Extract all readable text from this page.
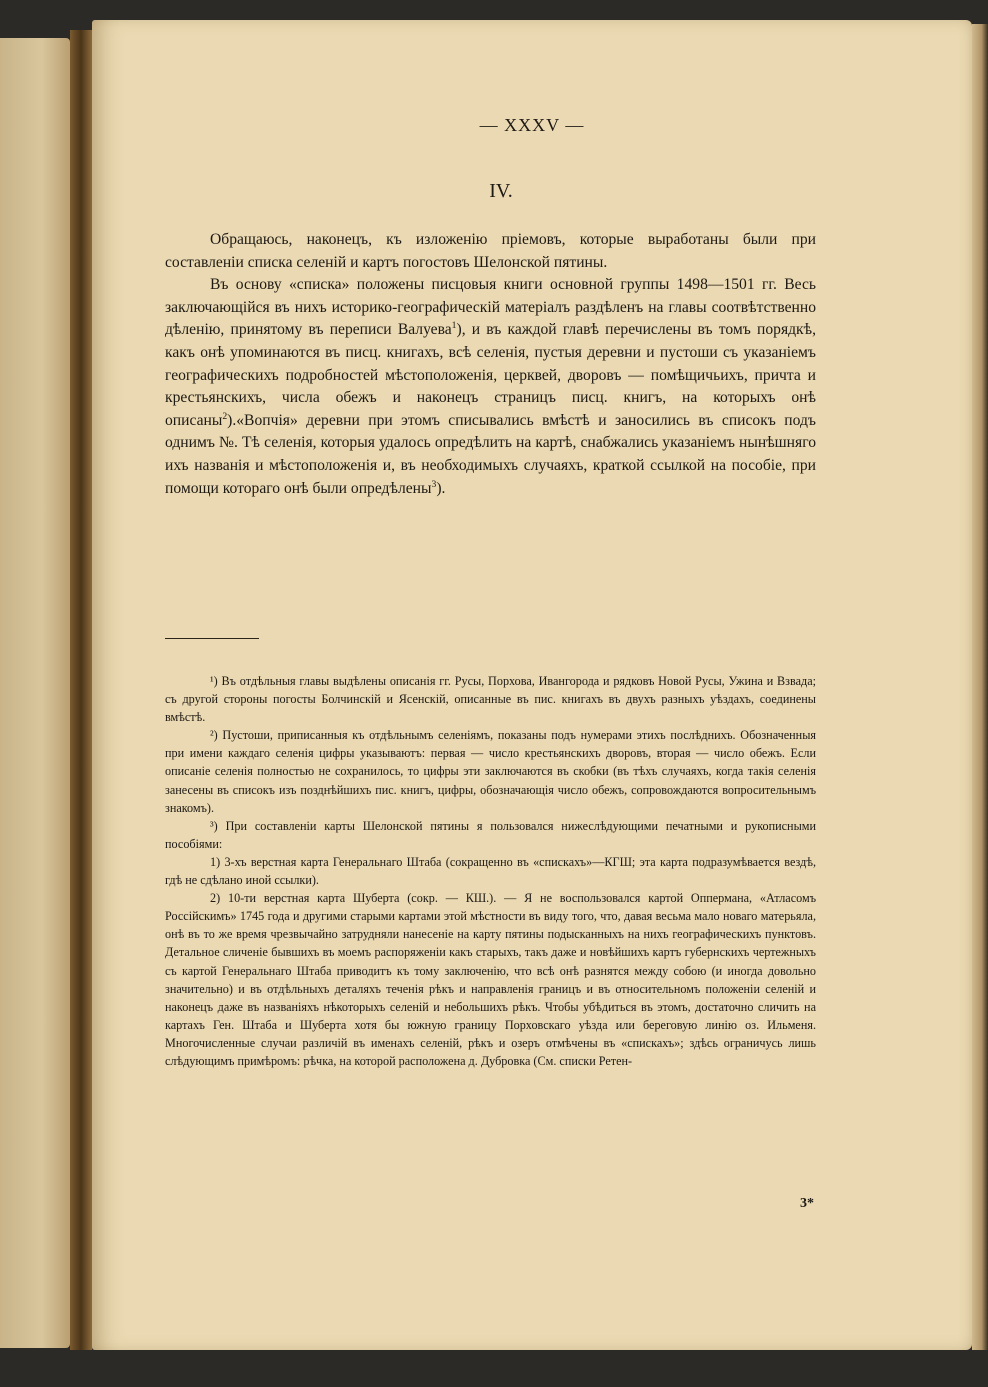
— XXXV —
IV.

Обращаюсь, наконецъ, къ изложенію пріемовъ, которые выработаны были при составленіи списка селеній и картъ погостовъ Шелонской пятины.

Въ основу «списка» положены писцовыя книги основной группы 1498—1501 гг. Весь заключающійся въ нихъ историко-географическій матеріалъ раздѣленъ на главы соотвѣтственно дѣленію, принятому въ переписи Валуева$^1$), и въ каждой главѣ перечислены въ томъ порядкѣ, какъ онѣ упоминаются въ писц. книгахъ, всѣ селенія, пустыя деревни и пустоши съ указаніемъ географическихъ подробностей мѣстоположенія, церквей, дворовъ — помѣщичьихъ, причта и крестьянскихъ, числа обежъ и наконецъ страницъ писц. книгъ, на которыхъ онѣ описаны$^2$).«Вопчія» деревни при этомъ списывались вмѣстѣ и заносились въ списокъ подъ однимъ №. Тѣ селенія, которыя удалось опредѣлить на картѣ, снабжались указаніемъ нынѣшняго ихъ названія и мѣстоположенія и, въ необходимыхъ случаяхъ, краткой ссылкой на пособіе, при помощи котораго онѣ были опредѣлены$^3$).

¹) Въ отдѣльныя главы выдѣлены описанія гг. Русы, Порхова, Ивангорода и рядковъ Новой Русы, Ужина и Взвада; съ другой стороны погосты Болчинскій и Ясенскій, описанные въ пис. книгахъ въ двухъ разныхъ уѣздахъ, соединены вмѣстѣ.

²) Пустоши, приписанныя къ отдѣльнымъ селеніямъ, показаны подъ нумерами этихъ послѣднихъ. Обозначенныя при имени каждаго селенія цифры указываютъ: первая — число крестьянскихъ дворовъ, вторая — число обежъ. Если описаніе селенія полностью не сохранилось, то цифры эти заключаются въ скобки (въ тѣхъ случаяхъ, когда такія селенія занесены въ списокъ изъ позднѣйшихъ пис. книгъ, цифры, обозначающія число обежъ, сопровождаются вопросительнымъ знакомъ).

³) При составленіи карты Шелонской пятины я пользовался нижеслѣдующими печатными и рукописными пособіями:

1) 3-хъ верстная карта Генеральнаго Штаба (сокращенно въ «спискахъ»—КГШ; эта карта подразумѣвается вездѣ, гдѣ не сдѣлано иной ссылки).

2) 10-ти верстная карта Шуберта (сокр. — КШ.). — Я не воспользовался картой Оппермана, «Атласомъ Россійскимъ» 1745 года и другими старыми картами этой мѣстности въ виду того, что, давая весьма мало новаго матерьяла, онѣ въ то же время чрезвычайно затрудняли нанесеніе на карту пятины подысканныхъ на нихъ географическихъ пунктовъ. Детальное сличеніе бывшихъ въ моемъ распоряженіи какъ старыхъ, такъ даже и новѣйшихъ картъ губернскихъ чертежныхъ съ картой Генеральнаго Штаба приводитъ къ тому заключенію, что всѣ онѣ разнятся между собою (и иногда довольно значительно) и въ отдѣльныхъ деталяхъ теченія рѣкъ и направленія границъ и въ относительномъ положеніи селеній и наконецъ даже въ названіяхъ нѣкоторыхъ селеній и небольшихъ рѣкъ. Чтобы убѣдиться въ этомъ, достаточно сличить на картахъ Ген. Штаба и Шуберта хотя бы южную границу Порховскаго уѣзда или береговую линію оз. Ильменя. Многочисленные случаи различій въ именахъ селеній, рѣкъ и озеръ отмѣчены въ «спискахъ»; здѣсь ограничусь лишь слѣдующимъ примѣромъ: рѣчка, на которой расположена д. Дубровка (См. списки Ретен-

3*
